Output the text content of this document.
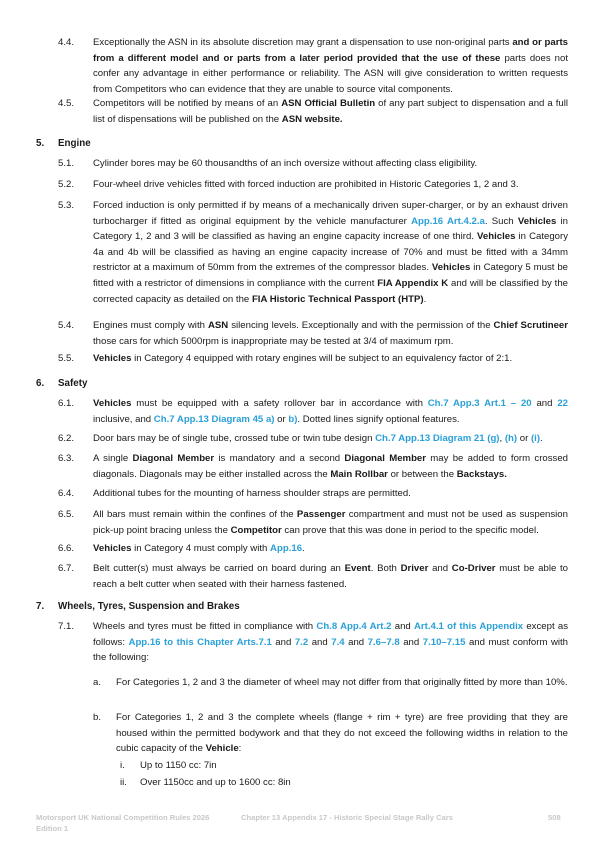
4.4. Exceptionally the ASN in its absolute discretion may grant a dispensation to use non-original parts and or parts from a different model and or parts from a later period provided that the use of these parts does not confer any advantage in either performance or reliability. The ASN will give consideration to written requests from Competitors who can evidence that they are unable to source vital components.
4.5. Competitors will be notified by means of an ASN Official Bulletin of any part subject to dispensation and a full list of dispensations will be published on the ASN website.
5. Engine
5.1. Cylinder bores may be 60 thousandths of an inch oversize without affecting class eligibility.
5.2. Four-wheel drive vehicles fitted with forced induction are prohibited in Historic Categories 1, 2 and 3.
5.3. Forced induction is only permitted if by means of a mechanically driven super-charger, or by an exhaust driven turbocharger if fitted as original equipment by the vehicle manufacturer App.16 Art.4.2.a. Such Vehicles in Category 1, 2 and 3 will be classified as having an engine capacity increase of one third. Vehicles in Category 4a and 4b will be classified as having an engine capacity increase of 70% and must be fitted with a 34mm restrictor at a maximum of 50mm from the extremes of the compressor blades. Vehicles in Category 5 must be fitted with a restrictor of dimensions in compliance with the current FIA Appendix K and will be classified by the corrected capacity as detailed on the FIA Historic Technical Passport (HTP).
5.4. Engines must comply with ASN silencing levels. Exceptionally and with the permission of the Chief Scrutineer those cars for which 5000rpm is inappropriate may be tested at 3/4 of maximum rpm.
5.5. Vehicles in Category 4 equipped with rotary engines will be subject to an equivalency factor of 2:1.
6. Safety
6.1. Vehicles must be equipped with a safety rollover bar in accordance with Ch.7 App.3 Art.1 – 20 and 22 inclusive, and Ch.7 App.13 Diagram 45 a) or b). Dotted lines signify optional features.
6.2. Door bars may be of single tube, crossed tube or twin tube design Ch.7 App.13 Diagram 21 (g), (h) or (i).
6.3. A single Diagonal Member is mandatory and a second Diagonal Member may be added to form crossed diagonals. Diagonals may be either installed across the Main Rollbar or between the Backstays.
6.4. Additional tubes for the mounting of harness shoulder straps are permitted.
6.5. All bars must remain within the confines of the Passenger compartment and must not be used as suspension pick-up point bracing unless the Competitor can prove that this was done in period to the specific model.
6.6. Vehicles in Category 4 must comply with App.16.
6.7. Belt cutter(s) must always be carried on board during an Event. Both Driver and Co-Driver must be able to reach a belt cutter when seated with their harness fastened.
7. Wheels, Tyres, Suspension and Brakes
7.1. Wheels and tyres must be fitted in compliance with Ch.8 App.4 Art.2 and Art.4.1 of this Appendix except as follows: App.16 to this Chapter Arts.7.1 and 7.2 and 7.4 and 7.6–7.8 and 7.10–7.15 and must conform with the following:
a. For Categories 1, 2 and 3 the diameter of wheel may not differ from that originally fitted by more than 10%.
b. For Categories 1, 2 and 3 the complete wheels (flange + rim + tyre) are free providing that they are housed within the permitted bodywork and that they do not exceed the following widths in relation to the cubic capacity of the Vehicle:
i. Up to 1150 cc: 7in
ii. Over 1150cc and up to 1600 cc: 8in
Motorsport UK National Competition Rules 2026
Edition 1
Chapter 13 Appendix 17 - Historic Special Stage Rally Cars	508
